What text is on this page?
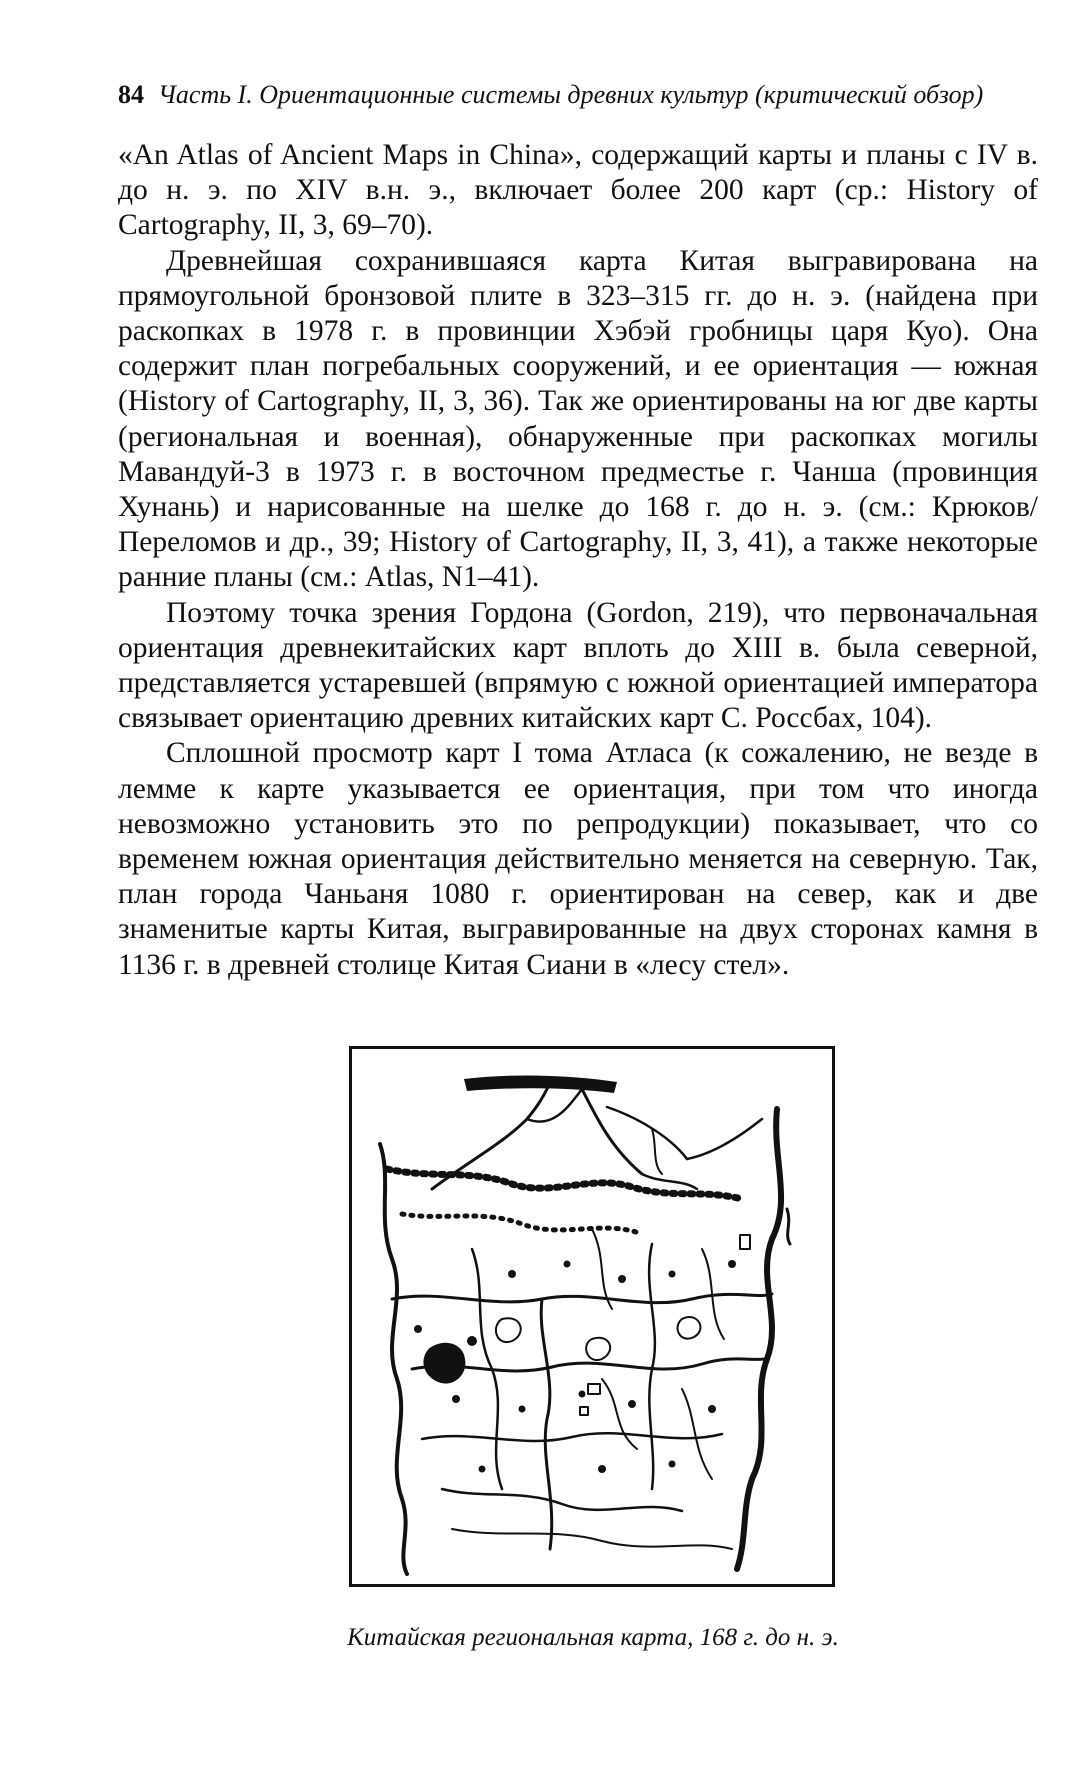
84 Часть I. Ориентационные системы древних культур (критический обзор)

«An Atlas of Ancient Maps in China», содержащий карты и планы с IV в. до н. э. по XIV в.н. э., включает более 200 карт (ср.: History of Cartography, II, 3, 69–70).

Древнейшая сохранившаяся карта Китая выгравирована на прямоугольной бронзовой плите в 323–315 гг. до н. э. (найдена при раскопках в 1978 г. в провинции Хэбэй гробницы царя Куо). Она содержит план погребальных сооружений, и ее ориентация — южная (History of Cartography, II, 3, 36). Так же ориентированы на юг две карты (региональная и военная), обнаруженные при раскопках могилы Мавандуй-3 в 1973 г. в восточном предместье г. Чанша (провинция Хунань) и нарисованные на шелке до 168 г. до н. э. (см.: Крюков/Переломов и др., 39; History of Cartography, II, 3, 41), а также некоторые ранние планы (см.: Atlas, N1–41).

Поэтому точка зрения Гордона (Gordon, 219), что первоначальная ориентация древнекитайских карт вплоть до XIII в. была северной, представляется устаревшей (впрямую с южной ориентацией императора связывает ориентацию древних китайских карт С. Россбах, 104).

Сплошной просмотр карт I тома Атласа (к сожалению, не везде в лемме к карте указывается ее ориентация, при том что иногда невозможно установить это по репродукции) показывает, что со временем южная ориентация действительно меняется на северную. Так, план города Чаньаня 1080 г. ориентирован на север, как и две знаменитые карты Китая, выгравированные на двух сторонах камня в 1136 г. в древней столице Китая Сиани в «лесу стел».

Китайская региональная карта, 168 г. до н. э.
